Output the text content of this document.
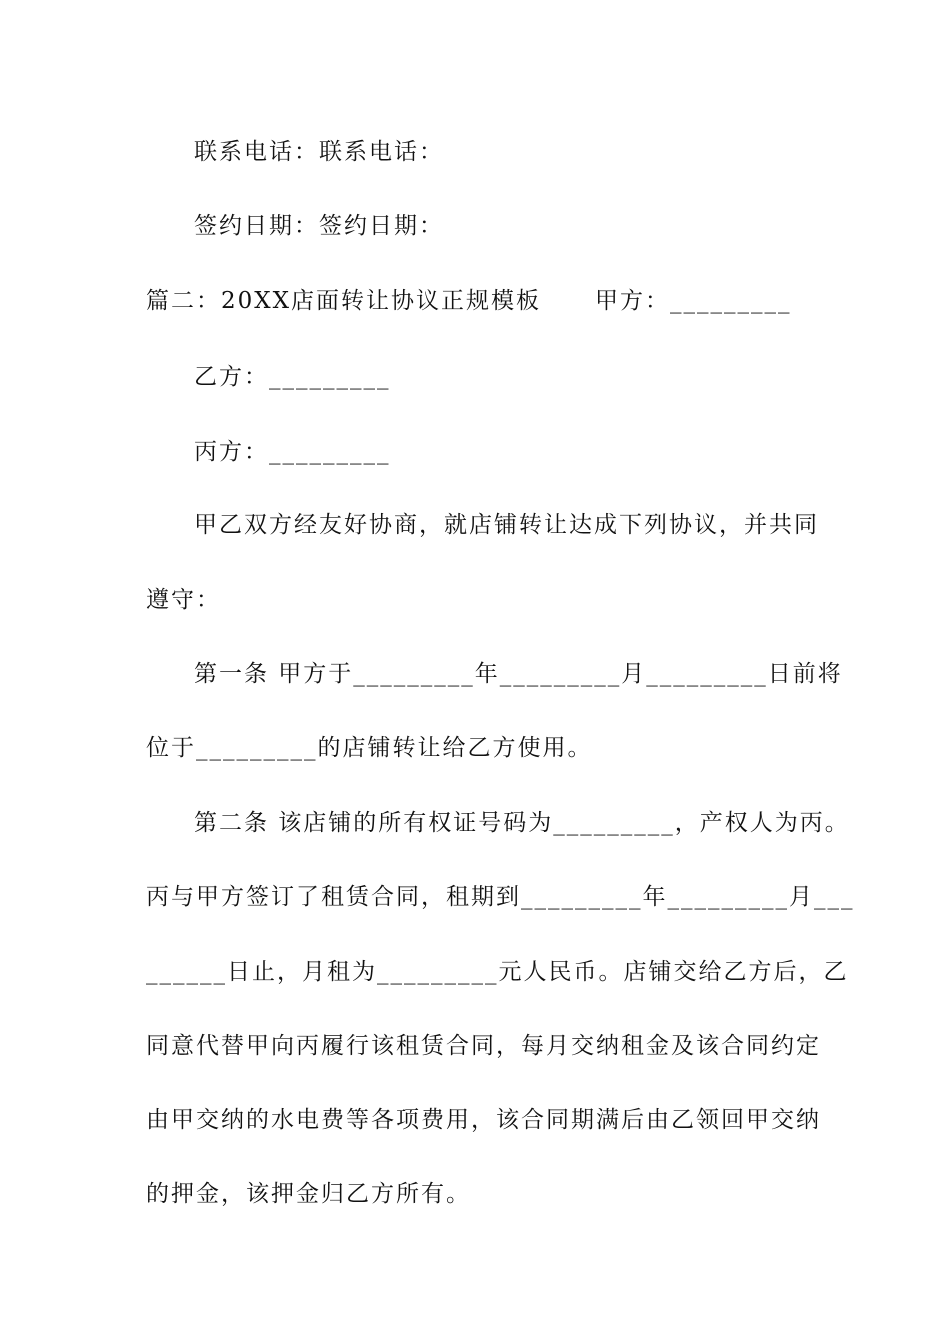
联系电话：联系电话：
签约日期：签约日期：
篇二：20XX店面转让协议正规模板 甲方：_________
乙方：_________
丙方：_________
甲乙双方经友好协商，就店铺转让达成下列协议，并共同
遵守：
第一条 甲方于_________年_________月_________日前将
位于_________的店铺转让给乙方使用。
第二条 该店铺的所有权证号码为_________，产权人为丙。
丙与甲方签订了租赁合同，租期到_________年_________月___
______日止，月租为_________元人民币。店铺交给乙方后，乙
同意代替甲向丙履行该租赁合同，每月交纳租金及该合同约定
由甲交纳的水电费等各项费用，该合同期满后由乙领回甲交纳
的押金，该押金归乙方所有。
